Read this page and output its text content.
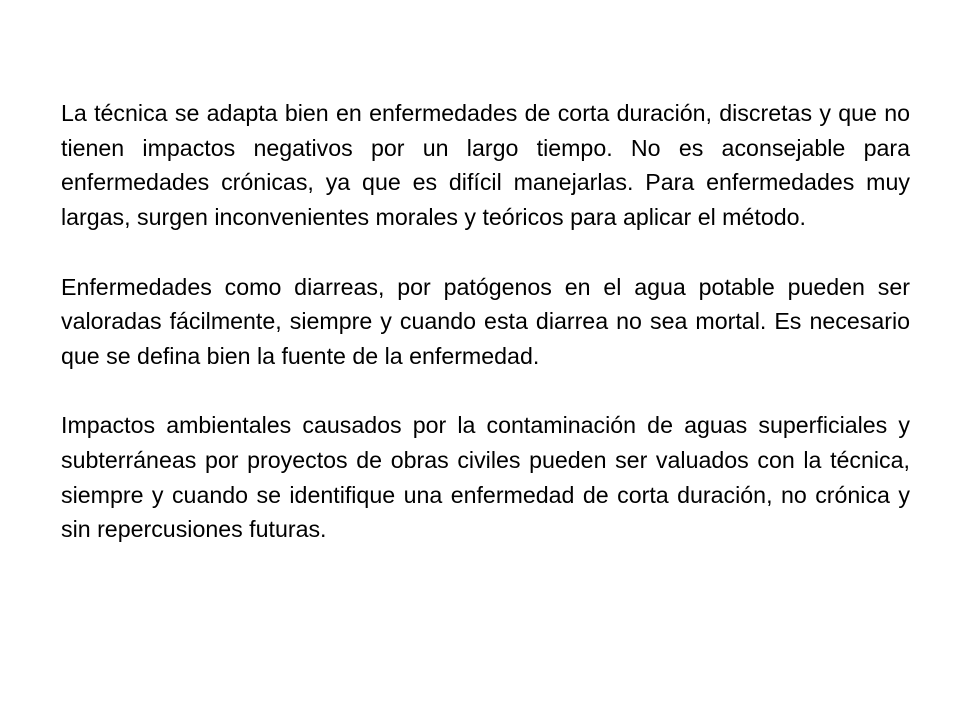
La técnica se adapta bien en enfermedades de corta duración, discretas y que no tienen impactos negativos por un largo tiempo. No es aconsejable para enfermedades crónicas, ya que es difícil manejarlas. Para enfermedades muy largas, surgen inconvenientes morales y teóricos para aplicar el método.

Enfermedades como diarreas, por patógenos en el agua potable pueden ser valoradas fácilmente, siempre y cuando esta diarrea no sea mortal. Es necesario que se defina bien la fuente de la enfermedad.

Impactos ambientales causados por la contaminación de aguas superficiales y subterráneas por proyectos de obras civiles pueden ser valuados con la técnica, siempre y cuando se identifique una enfermedad de corta duración, no crónica y sin repercusiones futuras.
